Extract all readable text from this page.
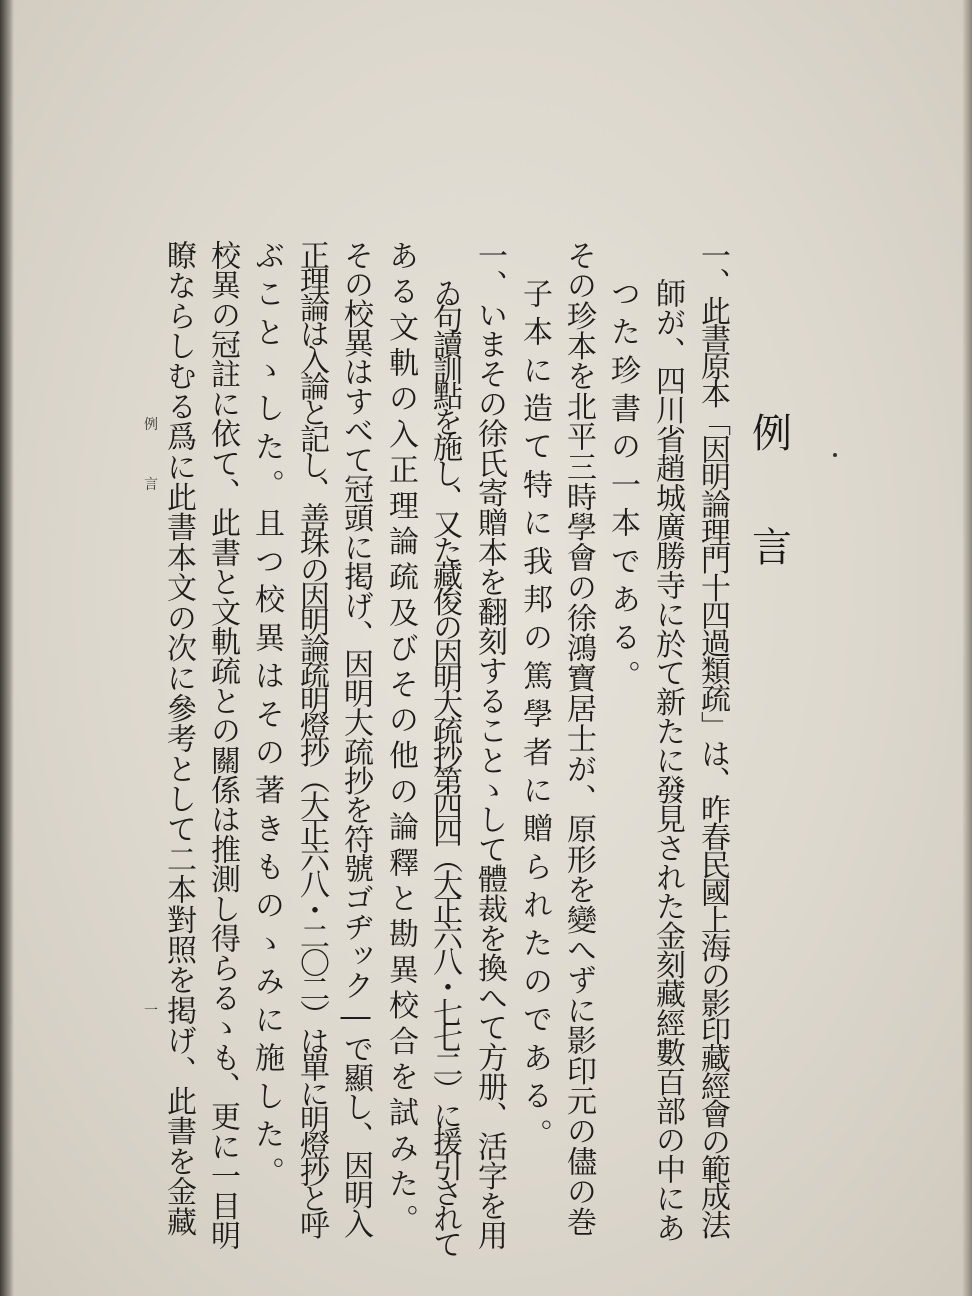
例
言
一、此書原本「因明論理門十四過類疏」は、昨春民國上海の影印藏經會の範成法
師が、四川省趙城廣勝寺に於て新たに發見された金刻藏經數百部の中にあ
つた珍書の一本である。
その珍本を北平三時學會の徐鴻寶居士が、原形を變へずに影印元の儘の巻
子本に造て特に我邦の篤學者に贈られたのである。
一、いまその徐氏寄贈本を翻刻することゝして體裁を換へて方册、活字を用
ゐ句讀訓點を施し、又た藏俊の因明大疏抄第四四（大正六八・七七二）に援引されて
ある文軌の入正理論疏及びその他の論釋と勘異校合を試みた。
その校異はすべて冠頭に掲げ、因明大疏抄を符號ゴヂック―で顯し、因明入
正理論は入論と記し、善珠の因明論疏明燈抄（大正六八・二〇二）は單に明燈抄と呼
ぶことゝした。且つ校異はその著きものゝみに施した。
校異の冠註に依て、此書と文軌疏との關係は推測し得らるゝも、更に一目明
瞭ならしむる爲に此書本文の次に參考として二本對照を掲げ、此書を金藏
例
言
一
